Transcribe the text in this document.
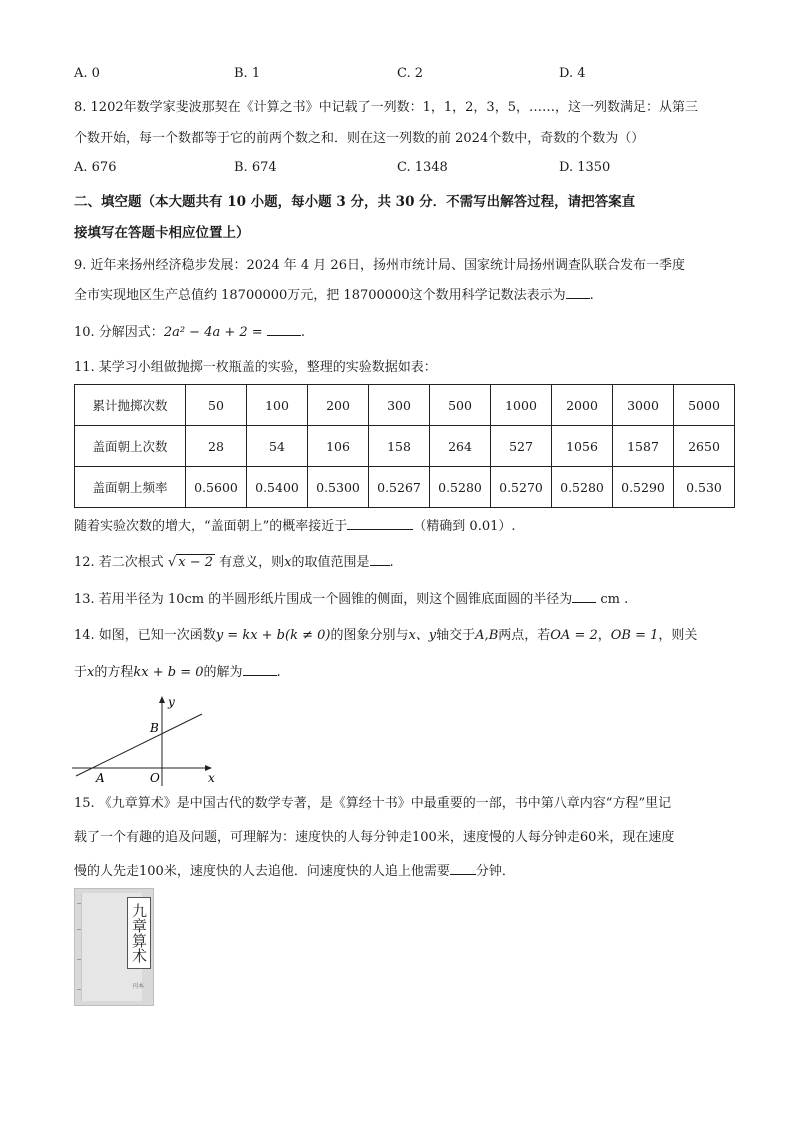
A. 0	B. 1	C. 2	D. 4
8. 1202年数学家斐波那契在《计算之书》中记载了一列数：1，1，2，3，5，……，这一列数满足：从第三
个数开始，每一个数都等于它的前两个数之和．则在这一列数的前 2024个数中，奇数的个数为（）
A. 676	B. 674	C. 1348	D. 1350
二、填空题（本大题共有 10 小题，每小题 3 分，共 30 分．不需写出解答过程，请把答案直
接填写在答题卡相应位置上）
9. 近年来扬州经济稳步发展：2024 年 4 月 26日，扬州市统计局、国家统计局扬州调查队联合发布一季度
全市实现地区生产总值约 18700000万元，把 18700000这个数用科学记数法表示为 .
10. 分解因式：2a² − 4a + 2 =	.
11. 某学习小组做抛掷一枚瓶盖的实验，整理的实验数据如表：
累计抛掷次数	50	100	200	300	500	1000	2000	3000	5000
盖面朝上次数	28	54	106	158	264	527	1056	1587	2650
盖面朝上频率	0.5600	0.5400	0.5300	0.5267	0.5280	0.5270	0.5280	0.5290	0.530
随着实验次数的增大，“盖面朝上”的概率接近于	（精确到 0.01）.
12. 若二次根式 √ x − 2 有意义，则x的取值范围是 .
13. 若用半径为 10cm 的半圆形纸片围成一个圆锥的侧面，则这个圆锥底面圆的半径为 cm .
14. 如图，已知一次函数y = kx + b(k ≠ 0)的图象分别与x、y轴交于A,B两点，若OA = 2，OB = 1，则关
于x的方程kx + b = 0的解为	.
y
B
A	O	x
15. 《九章算术》是中国古代的数学专著，是《算经十书》中最重要的一部，书中第八章内容“方程”里记
载了一个有趣的追及问题，可理解为：速度快的人每分钟走100米，速度慢的人每分钟走60米，现在速度
慢的人先走100米，速度快的人去追他．问速度快的人追上他需要 分钟．
九章算术
刊本
